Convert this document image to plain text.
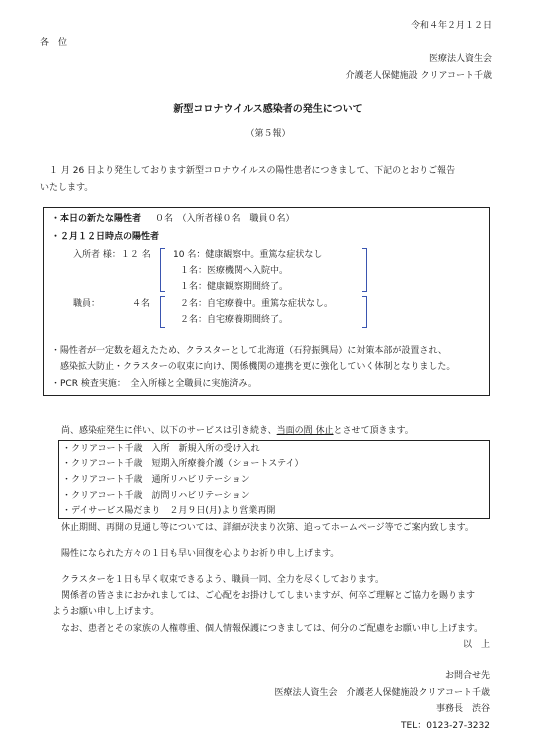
令和４年２月１２日
各　位
医療法人資生会
介護老人保健施設 クリアコート千歳
新型コロナウイルス感染者の発生について
（第５報）
　１ 月 26 日より発生しております新型コロナウイルスの陽性患者につきまして、下記のとおりご報告
いたします。
・本日の新たな陽性者 ０名　（入所者様０名　職員０名）
・２月１２日時点の陽性者
入所者 様：１２ 名 10 名：健康観察中。重篤な症状なし
１名：医療機関へ入院中。
１名：健康観察期間終了。
職員：	４名	２名：自宅療養中。重篤な症状なし。
２名：自宅療養期間終了。
・陽性者が一定数を超えたため、クラスターとして北海道（石狩振興局）に対策本部が設置され、
　感染拡大防止・クラスターの収束に向け、関係機関の連携を更に強化していく体制となりました。
・PCR 検査実施：　全入所様と全職員に実施済み。
　尚、感染症発生に伴い、以下のサービスは引き続き、当面の間 休止とさせて頂きます。
・クリアコート千歳　入所　新規入所の受け入れ
・クリアコート千歳　短期入所療養介護（ショートステイ）
・クリアコート千歳　通所リハビリテーション
・クリアコート千歳　訪問リハビリテーション
・デイサービス陽だまり　２月９日(月)より営業再開
　休止期間、再開の見通し等については、詳細が決まり次第、追ってホームページ等でご案内致します。
　陽性になられた方々の１日も早い回復を心よりお祈り申し上げます。
　クラスターを１日も早く収束できるよう、職員一同、全力を尽くしております。
　関係者の皆さまにおかれましては、ご心配をお掛けしてしまいますが、何卒ご理解とご協力を賜ります
ようお願い申し上げます。
　なお、患者とその家族の人権尊重、個人情報保護につきましては、何分のご配慮をお願い申し上げます。
以　上
お問合せ先
医療法人資生会　介護老人保健施設クリアコート千歳
事務長　渋谷
TEL：0123-27-3232
